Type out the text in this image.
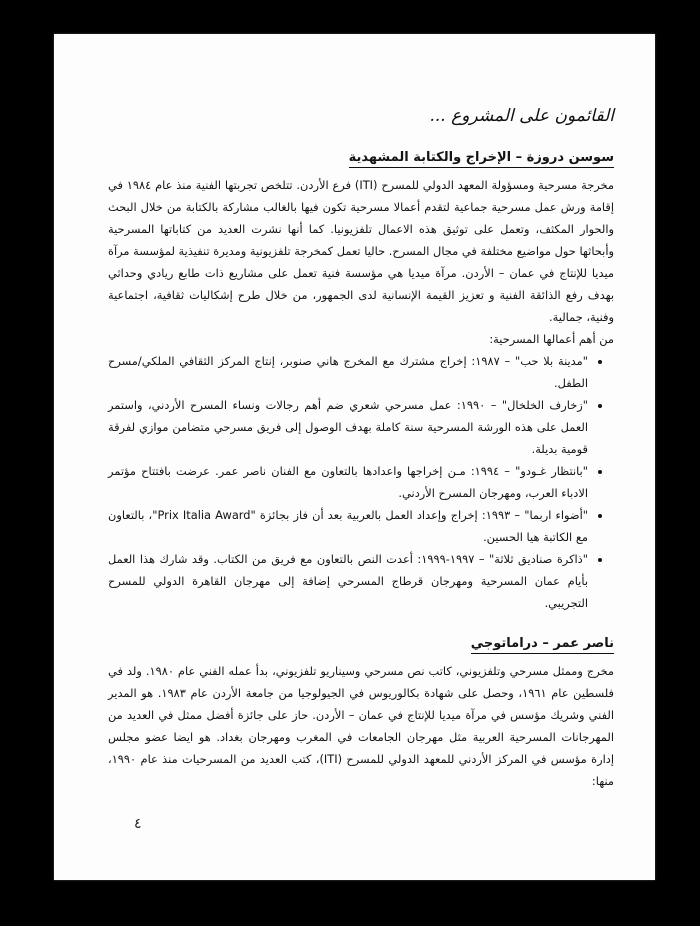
القائمون على المشروع ...
سوسن دروزة – الإخراج والكتابة المشهدية

مخرجة مسرحية ومسؤولة المعهد الدولي للمسرح (ITI) فرع الأردن. تتلخص تجربتها الفنية منذ عام ١٩٨٤ في إقامة ورش عمل مسرحية جماعية لتقدم أعمالا مسرحية تكون فيها بالغالب مشاركة بالكتابة من خلال البحث والحوار المكثف، وتعمل على توثيق هذه الاعمال تلفزيونيا. كما أنها نشرت العديد من كتاباتها المسرحية وأبحاثها حول مواضيع مختلفة في مجال المسرح. حاليا تعمل كمخرجة تلفزيونية ومديرة تنفيذية لمؤسسة مرآة ميديا للإنتاج في عمان – الأردن. مرآة ميديا هي مؤسسة فنية تعمل على مشاريع ذات طابع ريادي وحداثي بهدف رفع الذائقة الفنية و تعزيز القيمة الإنسانية لدى الجمهور، من خلال طرح إشكاليات ثقافية، اجتماعية وفنية، جمالية.

من أهم أعمالها المسرحية:

• "مدينة بلا حب" – ١٩٨٧: إخراج مشترك مع المخرج هاني صنوبر، إنتاج المركز الثقافي الملكي/مسرح الطفل.
• "زخارف الخلخال" – ١٩٩٠: عمل مسرحي شعري ضم أهم رجالات ونساء المسرح الأردني، واستمر العمل على هذه الورشة المسرحية سنة كاملة بهدف الوصول إلى فريق مسرحي متضامن موازي لفرقة قومية بديلة.
• "بانتظار غـودو" – ١٩٩٤: مـن إخراجها واعدادها بالتعاون مع الفنان ناصر عمر. عرضت بافتتاح مؤتمر الادباء العرب، ومهرجان المسرح الأردني.
• "أضواء اربما" – ١٩٩٣: إخراج وإعداد العمل بالعربية بعد أن فاز بجائزة "Prix Italia Award"، بالتعاون مع الكاتبة هيا الحسين.
• "ذاكرة صناديق ثلاثة" – ١٩٩٧-١٩٩٩: أعدت النص بالتعاون مع فريق من الكتاب. وقد شارك هذا العمل بأيام عمان المسرحية ومهرجان قرطاج المسرحي إضافة إلى مهرجان القاهرة الدولي للمسرح التجريبي.
ناصر عمر – دراماتوجي

مخرج وممثل مسرحي وتلفزيوني، كاتب نص مسرحي وسيناريو تلفزيوني، بدأ عمله الفني عام ١٩٨٠. ولد في فلسطين عام ١٩٦١، وحصل على شهادة بكالوريوس في الجيولوجيا من جامعة الأردن عام ١٩٨٣. هو المدير الفني وشريك مؤسس في مرآة ميديا للإنتاج في عمان – الأردن. حاز على جائزة أفضل ممثل في العديد من المهرجانات المسرحية العربية مثل مهرجان الجامعات في المغرب ومهرجان بغداد. هو ايضا عضو مجلس إدارة مؤسس في المركز الأردني للمعهد الدولي للمسرح (ITI)، كتب العديد من المسرحيات منذ عام ١٩٩٠، منها:

٤
